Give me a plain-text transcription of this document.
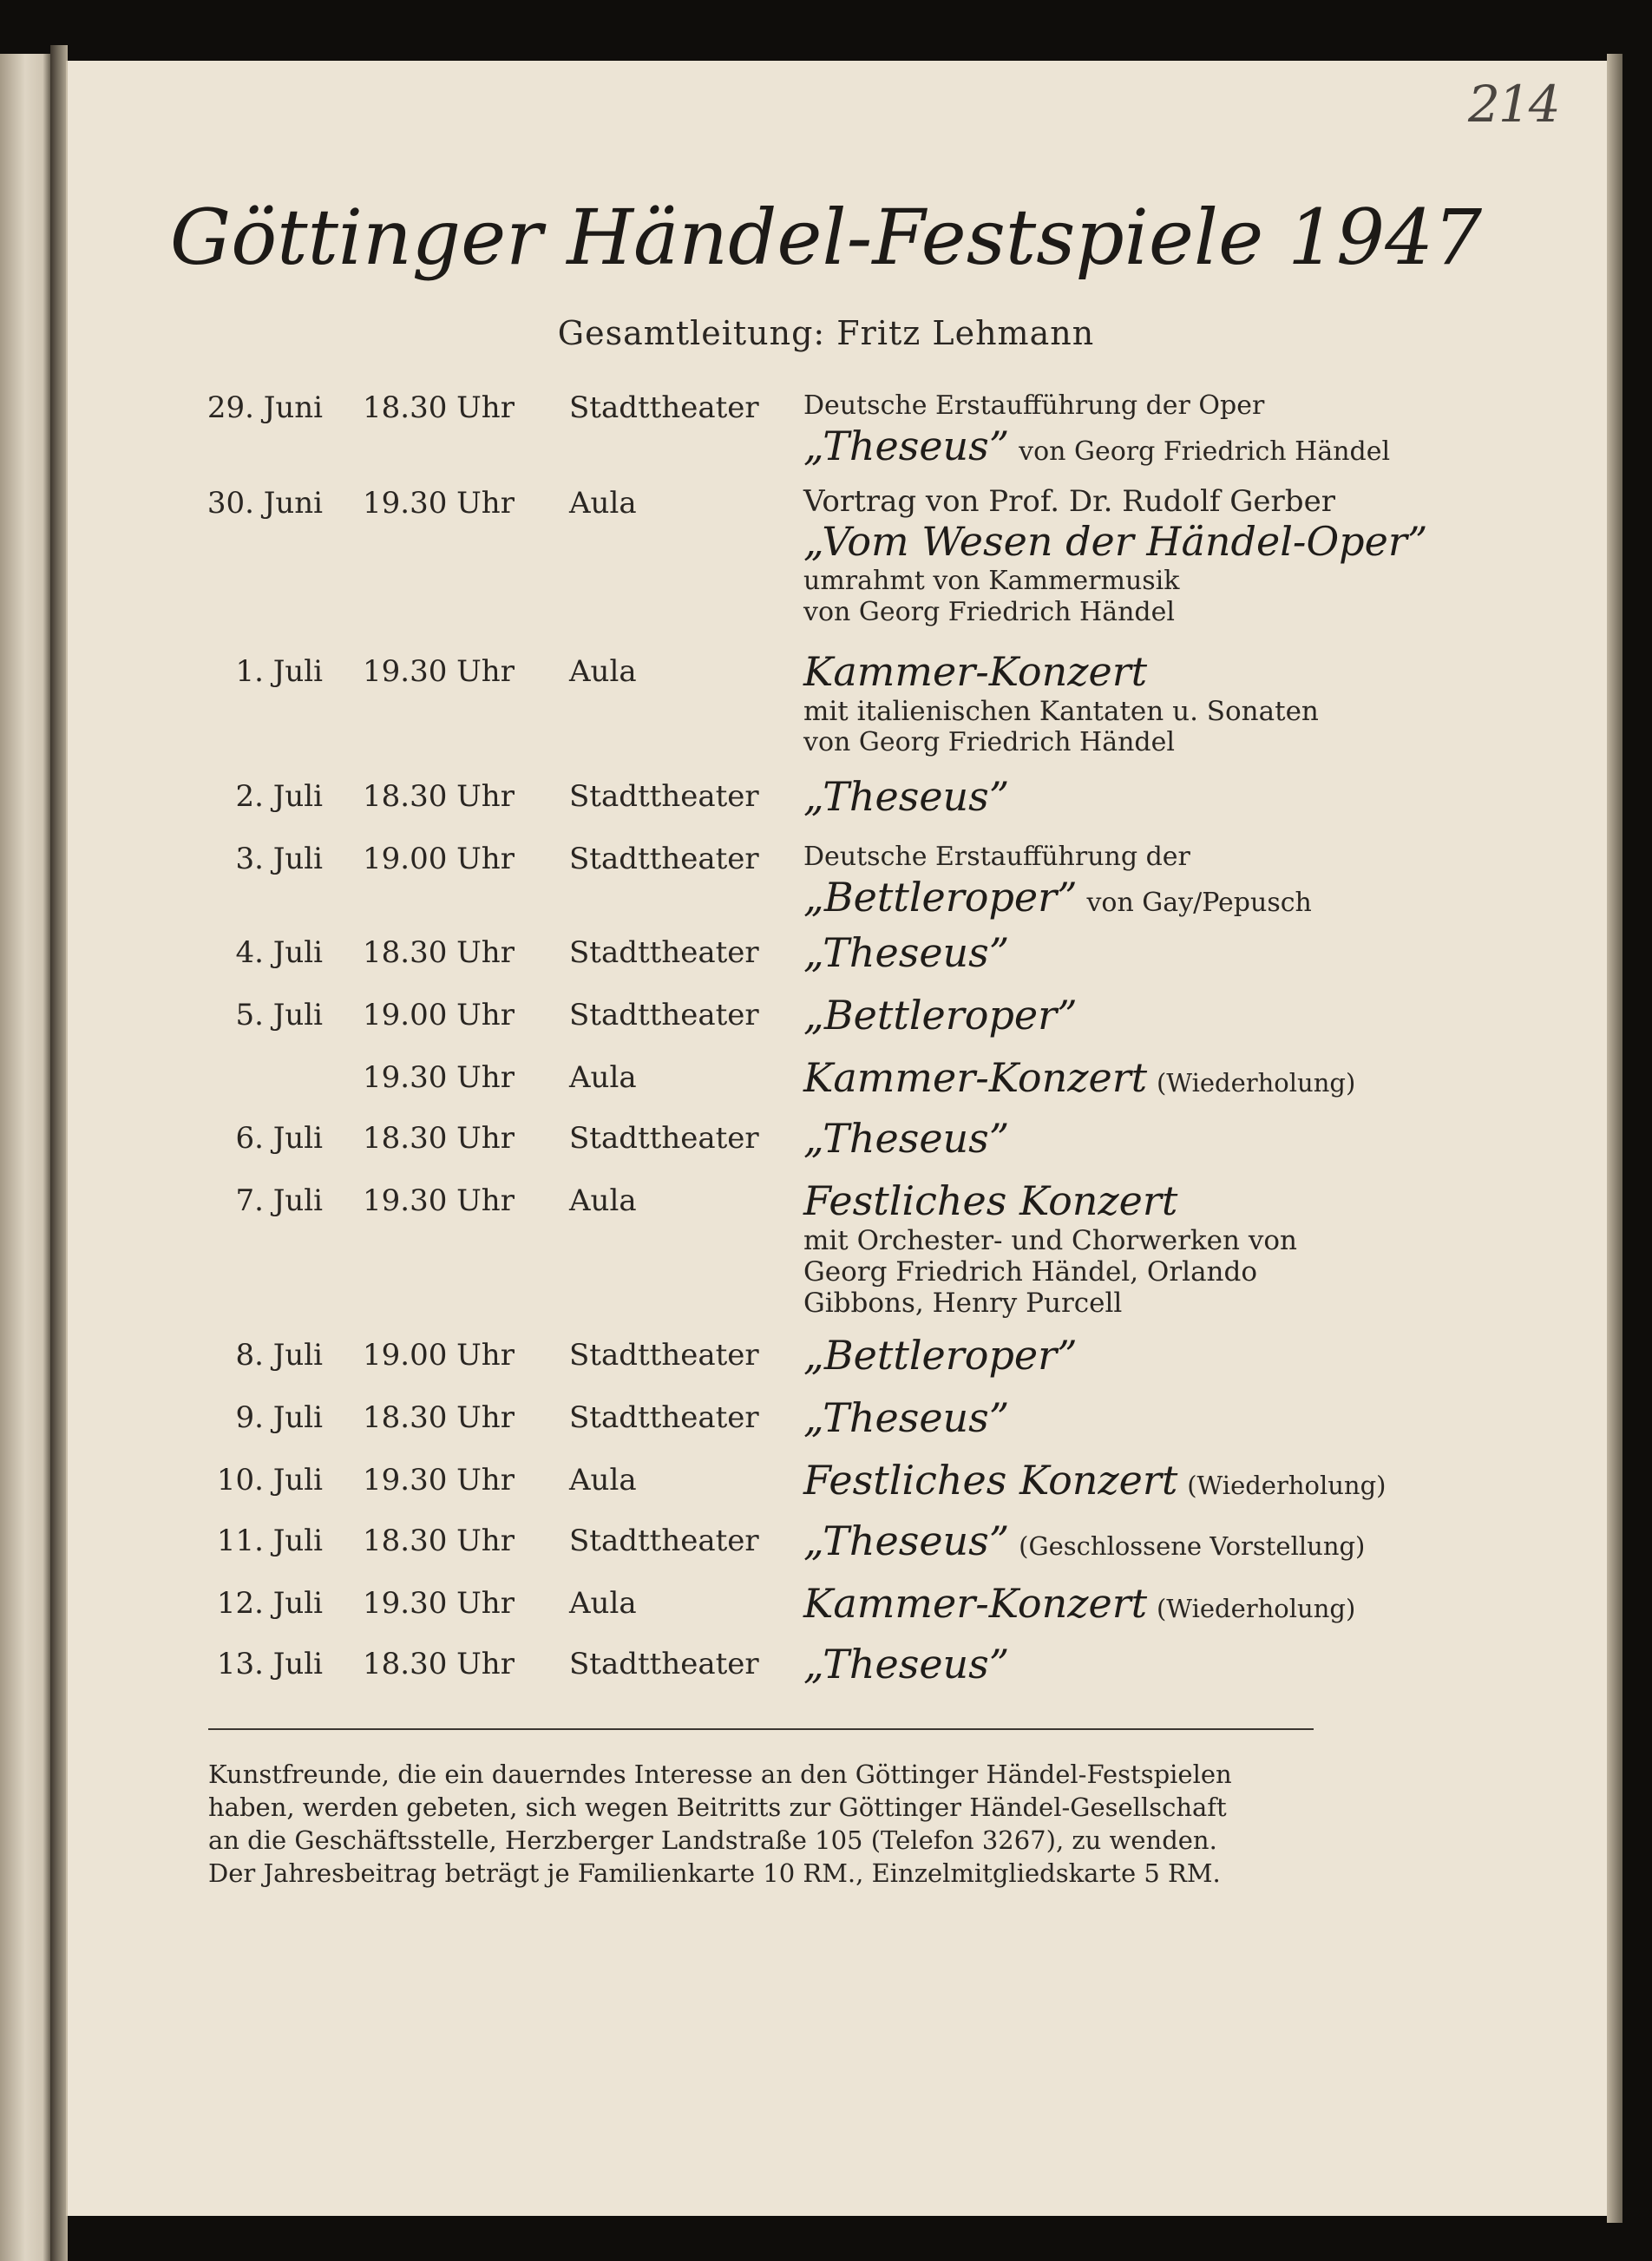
214
Göttinger Händel-Festspiele 1947
Gesamtleitung: Fritz Lehmann
29. Juni 18.30 Uhr Stadttheater Deutsche Erstaufführung der Oper
„Theseus” von Georg Friedrich Händel
30. Juni 19.30 Uhr Aula	Vortrag von Prof. Dr. Rudolf Gerber
„Vom Wesen der Händel-Oper”
umrahmt von Kammermusik
von Georg Friedrich Händel
1. Juli 19.30 Uhr Aula	Kammer-Konzert
mit italienischen Kantaten u. Sonaten
von Georg Friedrich Händel
2. Juli 18.30 Uhr Stadttheater „Theseus”
3. Juli 19.00 Uhr Stadttheater Deutsche Erstaufführung der
„Bettleroper” von Gay/Pepusch
4. Juli 18.30 Uhr Stadttheater „Theseus”
5. Juli 19.00 Uhr Stadttheater „Bettleroper”
19.30 Uhr Aula	Kammer-Konzert (Wiederholung)
6. Juli 18.30 Uhr Stadttheater „Theseus”
7. Juli 19.30 Uhr Aula	Festliches Konzert
mit Orchester- und Chorwerken von
Georg Friedrich Händel, Orlando
Gibbons, Henry Purcell
8. Juli 19.00 Uhr Stadttheater „Bettleroper”
9. Juli 18.30 Uhr Stadttheater „Theseus”
10. Juli 19.30 Uhr Aula	Festliches Konzert (Wiederholung)
11. Juli 18.30 Uhr Stadttheater „Theseus” (Geschlossene Vorstellung)
12. Juli 19.30 Uhr Aula	Kammer-Konzert (Wiederholung)
13. Juli 18.30 Uhr Stadttheater „Theseus”

Kunstfreunde, die ein dauerndes Interesse an den Göttinger Händel-Festspielen

haben, werden gebeten, sich wegen Beitritts zur Göttinger Händel-Gesellschaft

an die Geschäftsstelle, Herzberger Landstraße 105 (Telefon 3267), zu wenden.

Der Jahresbeitrag beträgt je Familienkarte 10 RM., Einzelmitgliedskarte 5 RM.
